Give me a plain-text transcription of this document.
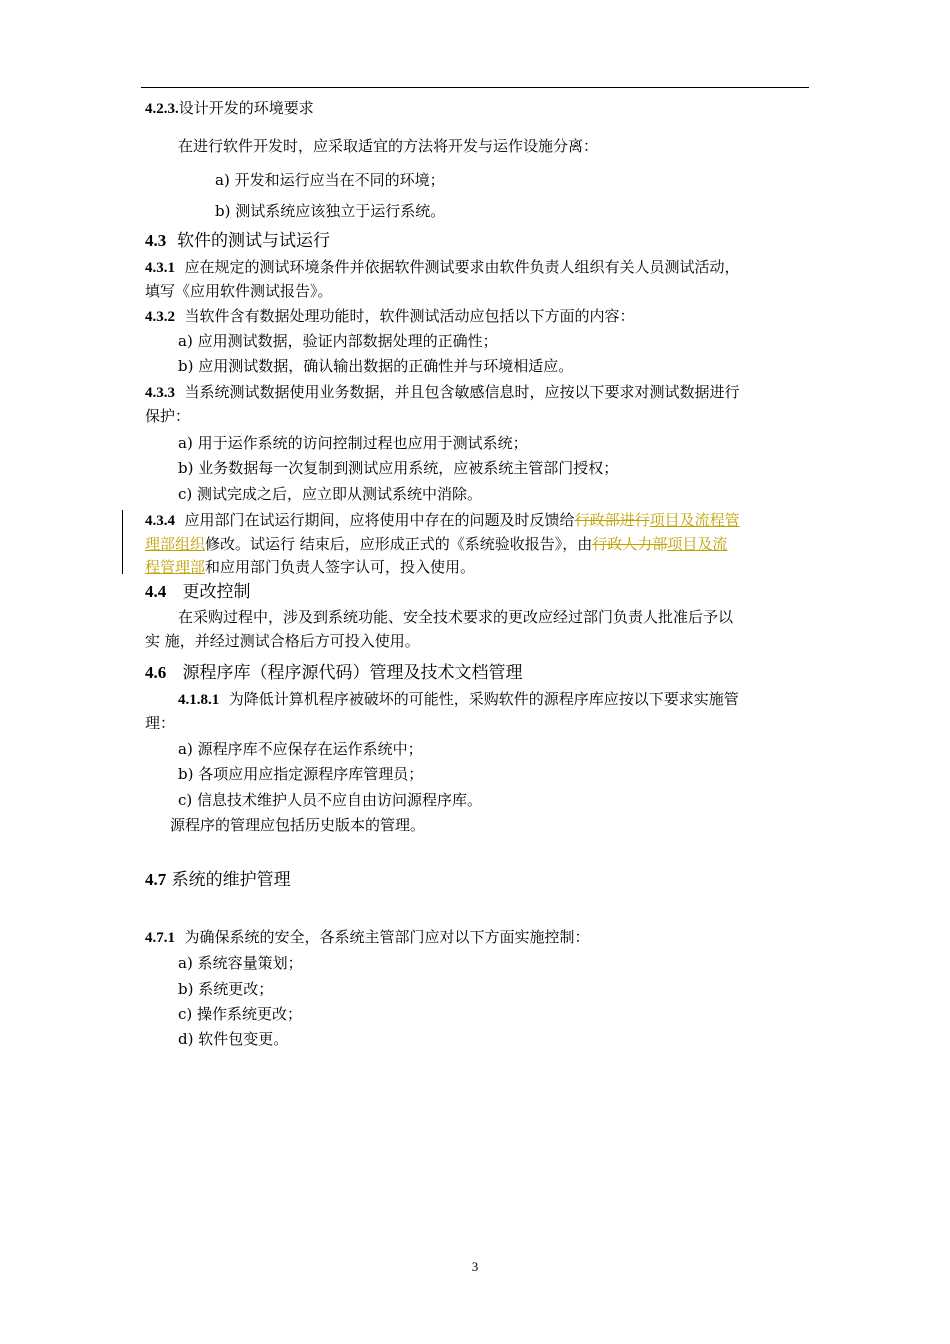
4.2.3.设计开发的环境要求
在进行软件开发时，应采取适宜的方法将开发与运作设施分离：
a) 开发和运行应当在不同的环境；
b) 测试系统应该独立于运行系统。
4.3 软件的测试与试运行
4.3.1 应在规定的测试环境条件并依据软件测试要求由软件负责人组织有关人员测试活动，
填写《应用软件测试报告》。
4.3.2 当软件含有数据处理功能时，软件测试活动应包括以下方面的内容：
a) 应用测试数据，验证内部数据处理的正确性；
b) 应用测试数据，确认输出数据的正确性并与环境相适应。
4.3.3 当系统测试数据使用业务数据，并且包含敏感信息时，应按以下要求对测试数据进行
保护：
a) 用于运作系统的访问控制过程也应用于测试系统；
b) 业务数据每一次复制到测试应用系统，应被系统主管部门授权；
c) 测试完成之后，应立即从测试系统中消除。
4.3.4 应用部门在试运行期间，应将使用中存在的问题及时反馈给行政部进行项目及流程管
理部组织修改。试运行 结束后，应形成正式的《系统验收报告》，由行政人力部项目及流
程管理部和应用部门负责人签字认可，投入使用。
4.4 更改控制
在采购过程中，涉及到系统功能、安全技术要求的更改应经过部门负责人批准后予以
实 施，并经过测试合格后方可投入使用。
4.6 源程序库（程序源代码）管理及技术文档管理
4.1.8.1 为降低计算机程序被破坏的可能性，采购软件的源程序库应按以下要求实施管
理：
a) 源程序库不应保存在运作系统中；
b) 各项应用应指定源程序库管理员；
c) 信息技术维护人员不应自由访问源程序库。
源程序的管理应包括历史版本的管理。
4.7 系统的维护管理
4.7.1 为确保系统的安全，各系统主管部门应对以下方面实施控制：
a) 系统容量策划；
b) 系统更改；
c) 操作系统更改；
d) 软件包变更。
3
